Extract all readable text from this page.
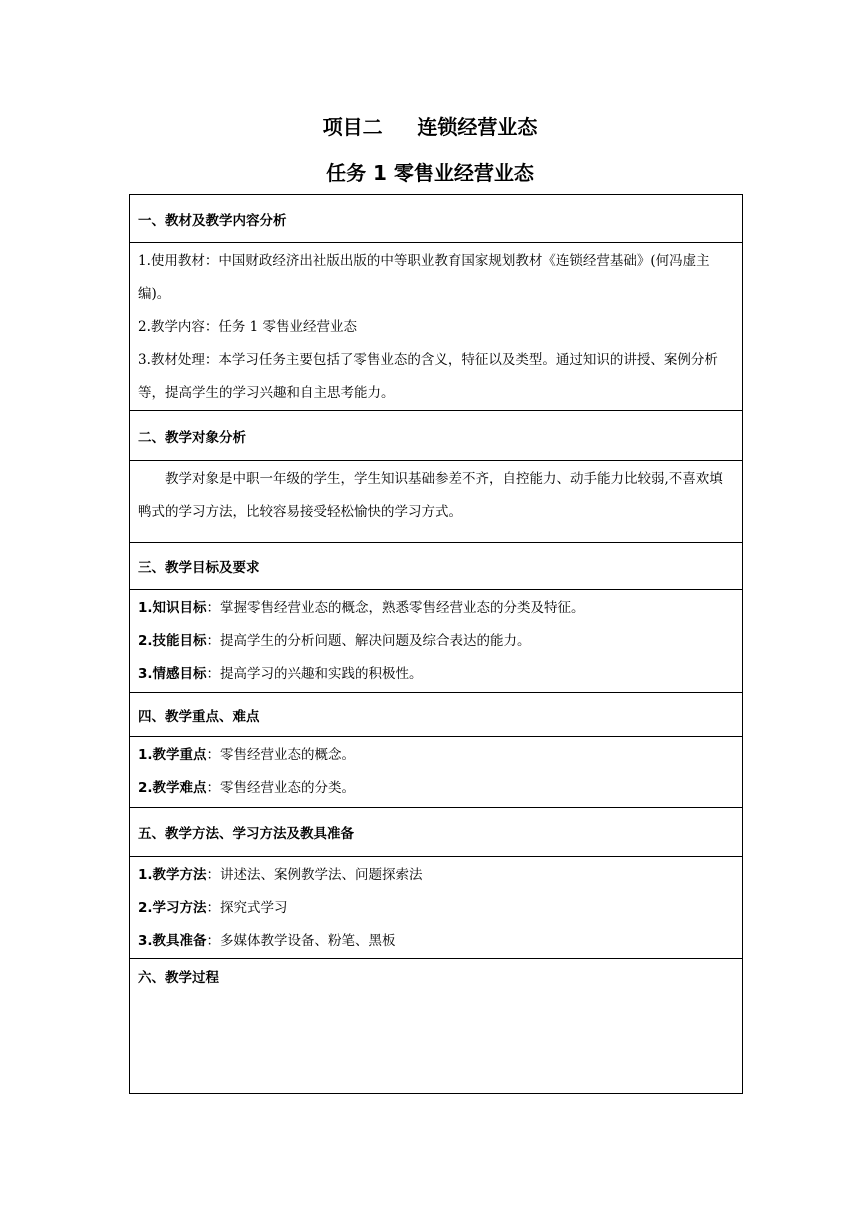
项目二     连锁经营业态
任务 1 零售业经营业态
一、教材及教学内容分析

1.使用教材：中国财政经济出社版出版的中等职业教育国家规划教材《连锁经营基础》(何冯虚主编)。

2.教学内容：任务 1 零售业经营业态

3.教材处理：本学习任务主要包括了零售业态的含义，特征以及类型。通过知识的讲授、案例分析等，提高学生的学习兴趣和自主思考能力。

二、教学对象分析

教学对象是中职一年级的学生，学生知识基础参差不齐，自控能力、动手能力比较弱,不喜欢填鸭式的学习方法，比较容易接受轻松愉快的学习方式。

三、教学目标及要求

1.知识目标：掌握零售经营业态的概念，熟悉零售经营业态的分类及特征。

2.技能目标：提高学生的分析问题、解决问题及综合表达的能力。

3.情感目标：提高学习的兴趣和实践的积极性。

四、教学重点、难点

1.教学重点：零售经营业态的概念。

2.教学难点：零售经营业态的分类。

五、教学方法、学习方法及教具准备

1.教学方法：讲述法、案例教学法、问题探索法

2.学习方法：探究式学习

3.教具准备：多媒体教学设备、粉笔、黑板

六、教学过程
